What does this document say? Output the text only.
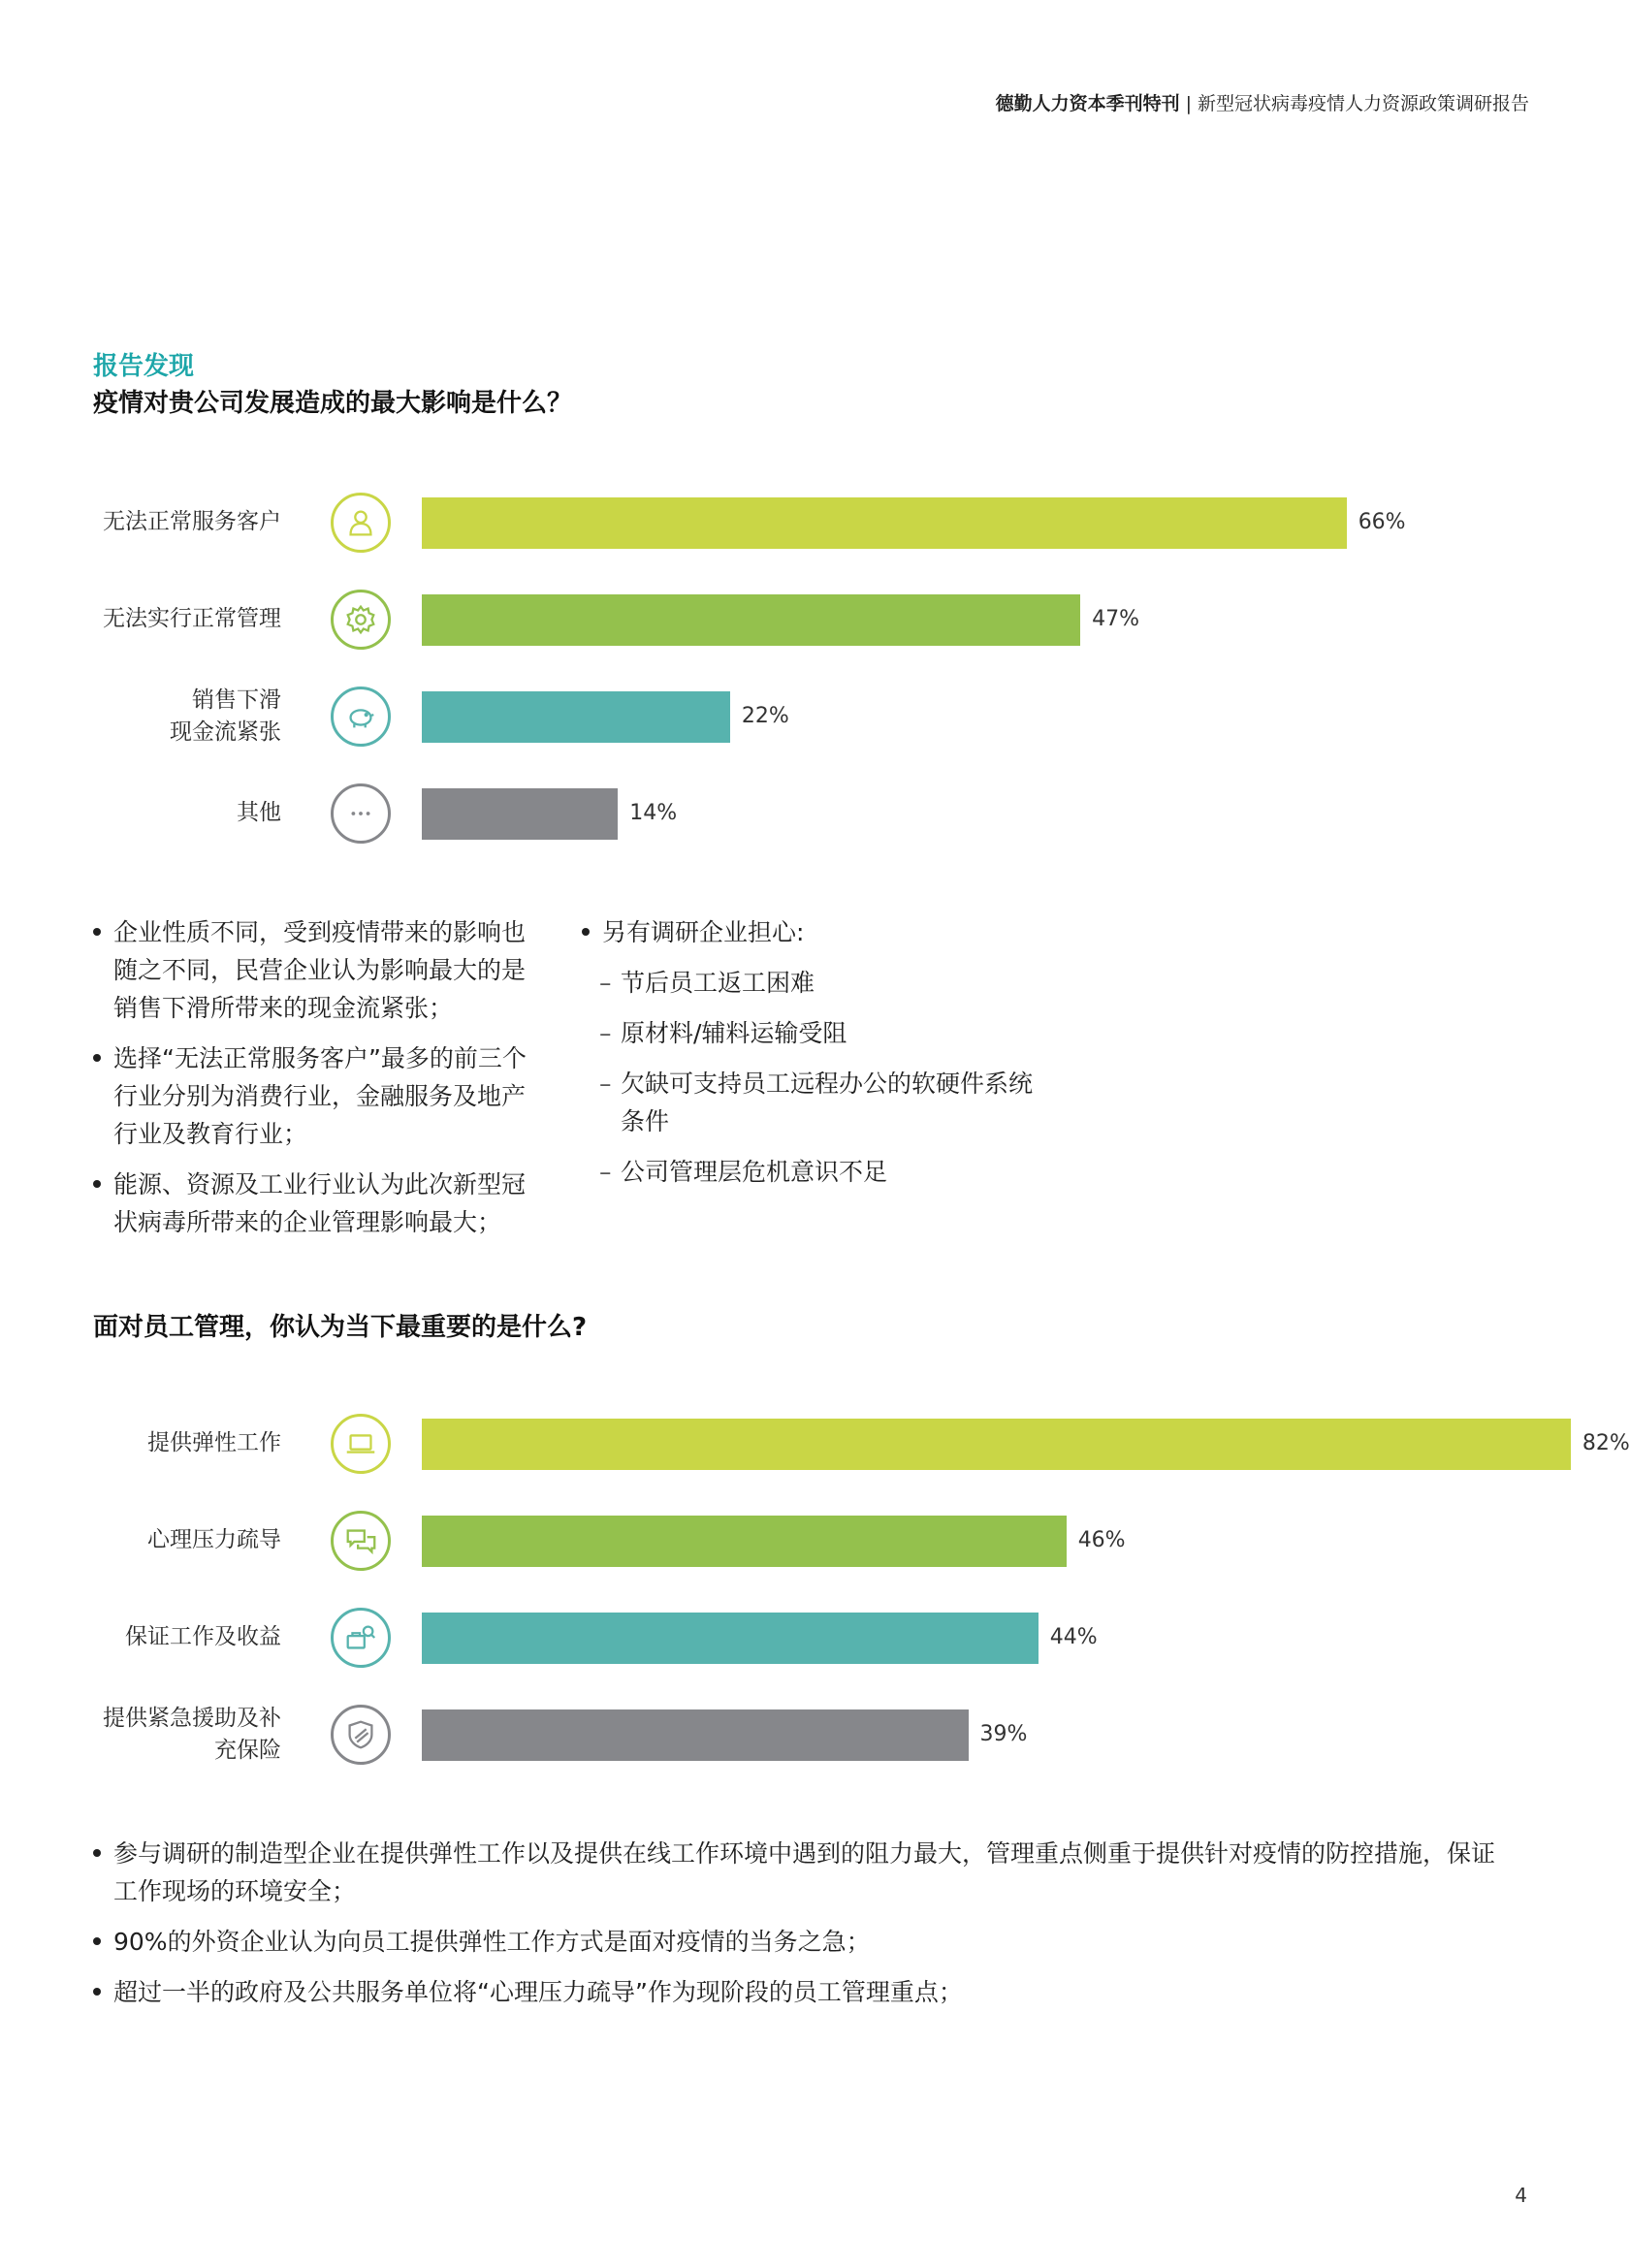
德勤人力资本季刊特刊 | 新型冠状病毒疫情人力资源政策调研报告
报告发现
疫情对贵公司发展造成的最大影响是什么？
无法正常服务客户	66%
无法实行正常管理	47%
销售下滑
现金流紧张
22%
其他	14%
企业性质不同，受到疫情带来的影响也随之不同，民营企业认为影响最大的是销售下滑所带来的现金流紧张；
选择“无法正常服务客户”最多的前三个行业分别为消费行业，金融服务及地产行业及教育行业；
能源、资源及工业行业认为此次新型冠状病毒所带来的企业管理影响最大；
另有调研企业担心:
– 节后员工返工困难
– 原材料/辅料运输受阻
– 欠缺可支持员工远程办公的软硬件系统条件
– 公司管理层危机意识不足
面对员工管理，你认为当下最重要的是什么?
提供弹性工作	82%
心理压力疏导	46%
保证工作及收益	44%
提供紧急援助及补
充保险
39%
参与调研的制造型企业在提供弹性工作以及提供在线工作环境中遇到的阻力最大，管理重点侧重于提供针对疫情的防控措施，保证工作现场的环境安全；
90%的外资企业认为向员工提供弹性工作方式是面对疫情的当务之急；
超过一半的政府及公共服务单位将“心理压力疏导”作为现阶段的员工管理重点；
4
